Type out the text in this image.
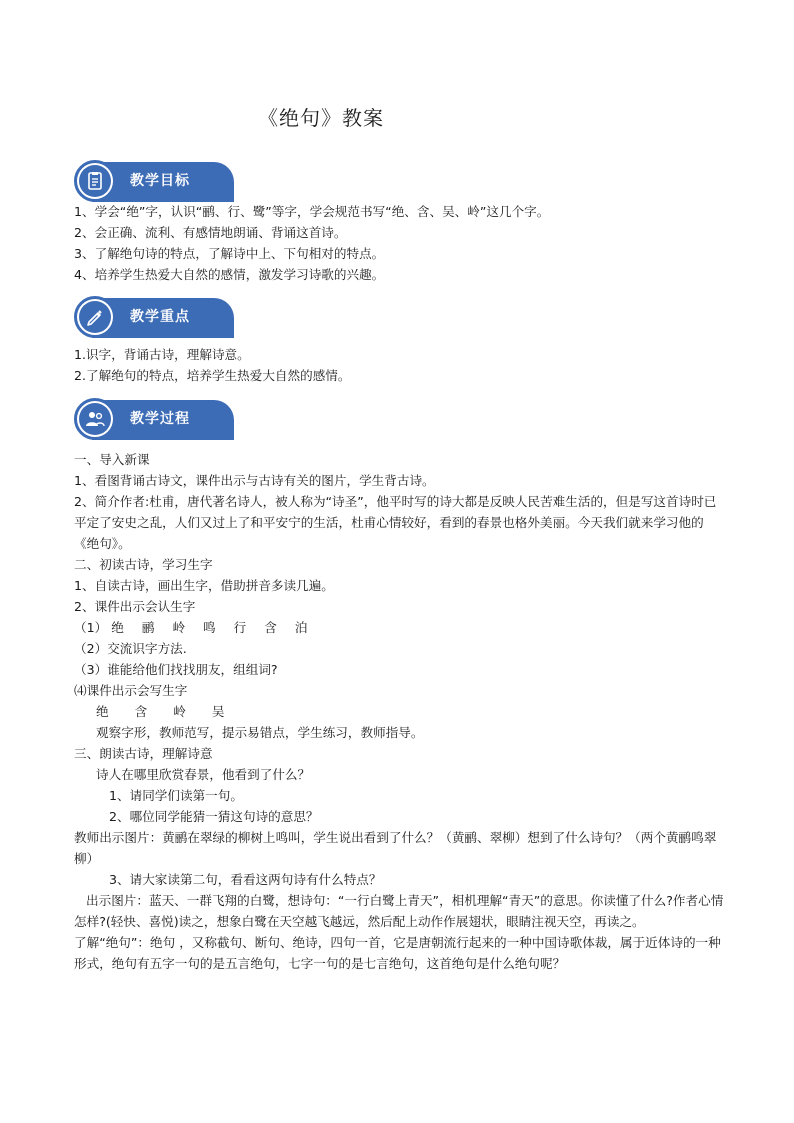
《绝句》教案
教学目标
1、学会“绝”字，认识“鹂、行、鹭”等字，学会规范书写“绝、含、吴、岭”这几个字。
2、会正确、流利、有感情地朗诵、背诵这首诗。
3、了解绝句诗的特点，了解诗中上、下句相对的特点。
4、培养学生热爱大自然的感情，激发学习诗歌的兴趣。
教学重点
1.识字，背诵古诗，理解诗意。
2.了解绝句的特点，培养学生热爱大自然的感情。
教学过程
一、导入新课
1、看图背诵古诗文，课件出示与古诗有关的图片，学生背古诗。
2、简介作者:杜甫，唐代著名诗人，被人称为“诗圣”，他平时写的诗大都是反映人民苦难生活的，但是写这首诗时已平定了安史之乱，人们又过上了和平安宁的生活，杜甫心情较好，看到的春景也格外美丽。今天我们就来学习他的《绝句》。
二、初读古诗，学习生字
1、自读古诗，画出生字，借助拼音多读几遍。
2、课件出示会认生字
（1） 绝 鹂 岭 鸣 行 含 泊
（2）交流识字方法.
（3）谁能给他们找找朋友，组组词?
⑷课件出示会写生字
绝 含 岭 吴
观察字形，教师范写，提示易错点，学生练习，教师指导。
三、朗读古诗，理解诗意
诗人在哪里欣赏春景，他看到了什么？
1、请同学们读第一句。
2、哪位同学能猜一猜这句诗的意思？
教师出示图片：黄鹂在翠绿的柳树上鸣叫，学生说出看到了什么？（黄鹂、翠柳）想到了什么诗句？（两个黄鹂鸣翠柳）
3、请大家读第二句，看看这两句诗有什么特点？
出示图片：蓝天、一群飞翔的白鹭，想诗句：“一行白鹭上青天”，相机理解“青天”的意思。你读懂了什么?作者心情怎样?(轻快、喜悦)读之，想象白鹭在天空越飞越远，然后配上动作作展翅状，眼睛注视天空，再读之。
了解“绝句”：绝句 ，又称截句、断句、绝诗，四句一首，它是唐朝流行起来的一种中国诗歌体裁，属于近体诗的一种形式，绝句有五字一句的是五言绝句，七字一句的是七言绝句，这首绝句是什么绝句呢？
